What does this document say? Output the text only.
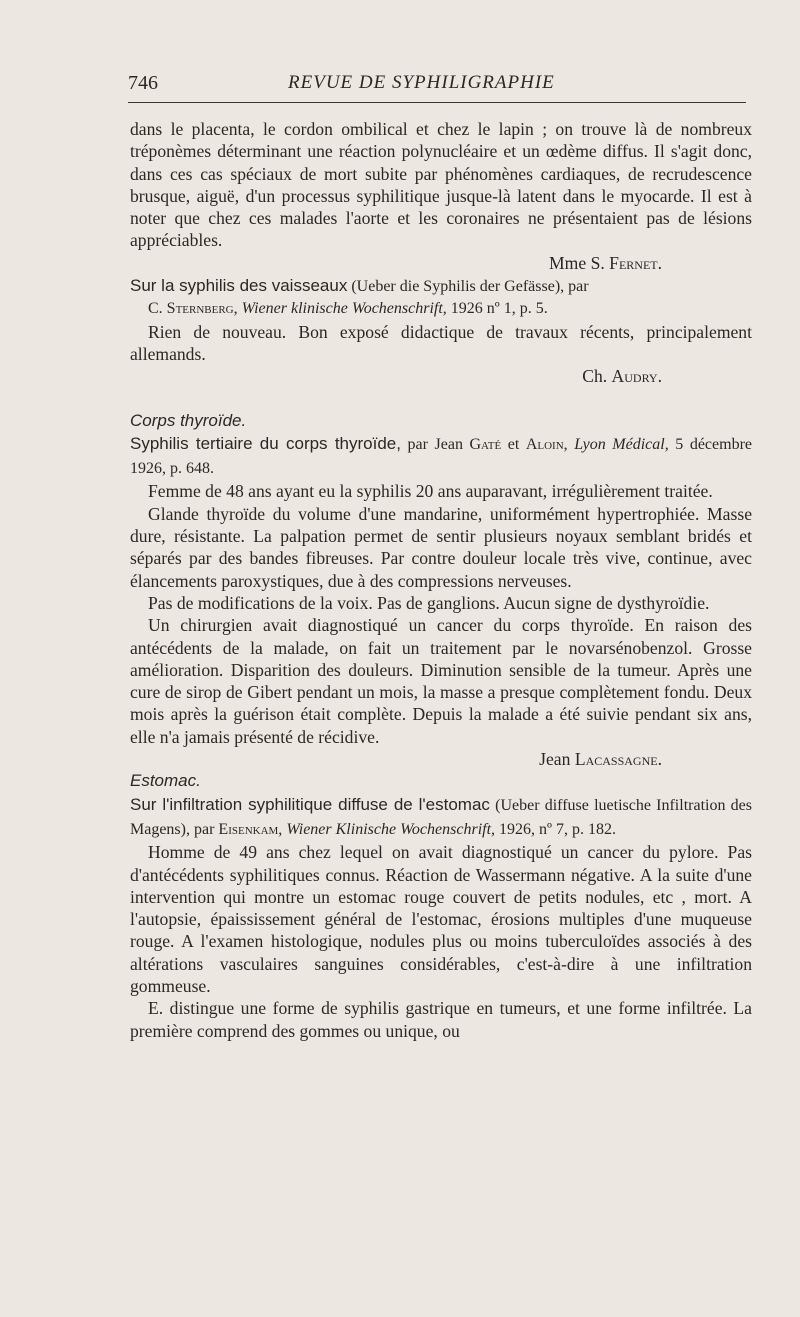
746	REVUE DE SYPHILIGRAPHIE

dans le placenta, le cordon ombilical et chez le lapin ; on trouve là de nombreux tréponèmes déterminant une réaction polynucléaire et un œdème diffus. Il s'agit donc, dans ces cas spéciaux de mort subite par phénomènes cardiaques, de recrudescence brusque, aiguë, d'un processus syphilitique jusque-là latent dans le myocarde. Il est à noter que chez ces malades l'aorte et les coronaires ne présentaient pas de lésions appréciables.

Mme S. Fernet.

Sur la syphilis des vaisseaux (Ueber die Syphilis der Gefässe), par
C. Sternberg, Wiener klinische Wochenschrift, 1926 nº 1, p. 5.

Rien de nouveau. Bon exposé didactique de travaux récents, principalement allemands.

Ch. Audry.

Corps thyroïde.

Syphilis tertiaire du corps thyroïde, par Jean Gaté et Aloin, Lyon Médical, 5 décembre 1926, p. 648.

Femme de 48 ans ayant eu la syphilis 20 ans auparavant, irrégulièrement traitée.

Glande thyroïde du volume d'une mandarine, uniformément hypertrophiée. Masse dure, résistante. La palpation permet de sentir plusieurs noyaux semblant bridés et séparés par des bandes fibreuses. Par contre douleur locale très vive, continue, avec élancements paroxystiques, due à des compressions nerveuses.

Pas de modifications de la voix. Pas de ganglions. Aucun signe de dysthyroïdie.

Un chirurgien avait diagnostiqué un cancer du corps thyroïde. En raison des antécédents de la malade, on fait un traitement par le novarsénobenzol. Grosse amélioration. Disparition des douleurs. Diminution sensible de la tumeur. Après une cure de sirop de Gibert pendant un mois, la masse a presque complètement fondu. Deux mois après la guérison était complète. Depuis la malade a été suivie pendant six ans, elle n'a jamais présenté de récidive.

Jean Lacassagne.

Estomac.

Sur l'infiltration syphilitique diffuse de l'estomac (Ueber diffuse luetische Infiltration des Magens), par Eisenkam, Wiener Klinische Wochenschrift, 1926, nº 7, p. 182.

Homme de 49 ans chez lequel on avait diagnostiqué un cancer du pylore. Pas d'antécédents syphilitiques connus. Réaction de Wassermann négative. A la suite d'une intervention qui montre un estomac rouge couvert de petits nodules, etc , mort. A l'autopsie, épaississement général de l'estomac, érosions multiples d'une muqueuse rouge. A l'examen histologique, nodules plus ou moins tuberculoïdes associés à des altérations vasculaires sanguines considérables, c'est-à-dire à une infiltration gommeuse.

E. distingue une forme de syphilis gastrique en tumeurs, et une forme infiltrée. La première comprend des gommes ou unique, ou
